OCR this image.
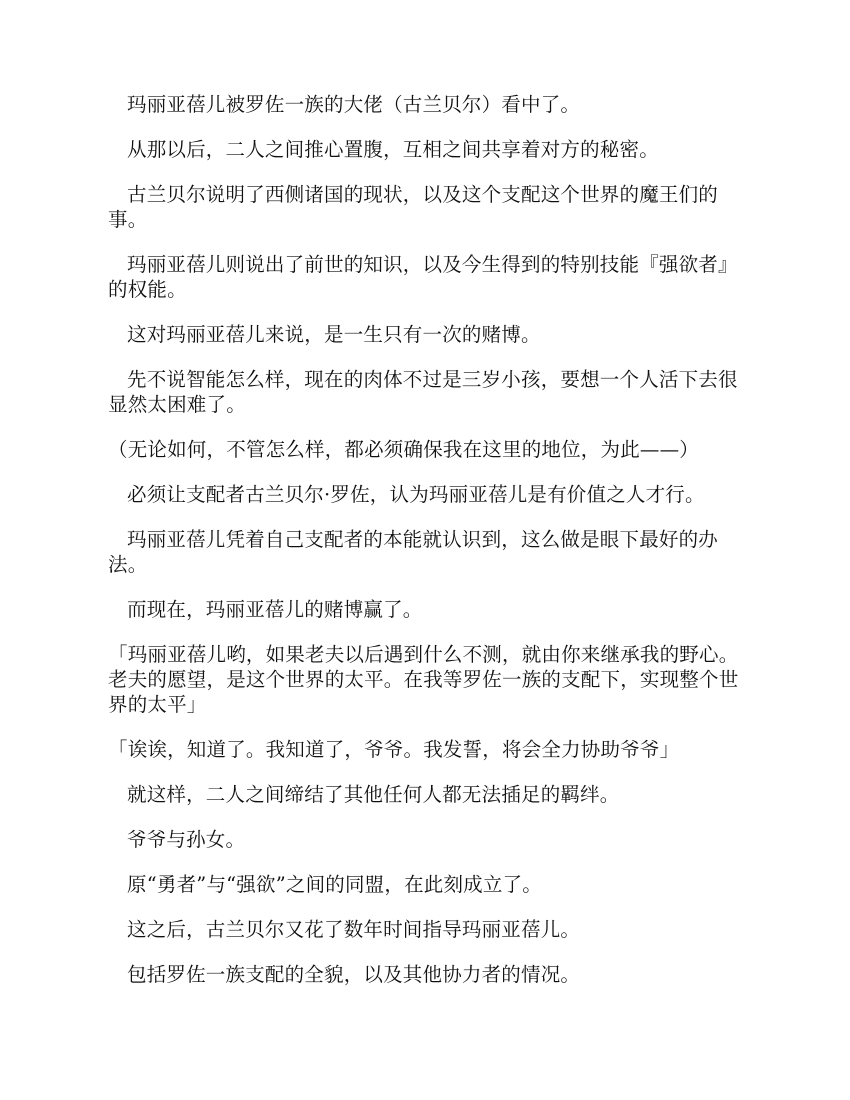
玛丽亚蓓儿被罗佐一族的大佬（古兰贝尔）看中了。

从那以后，二人之间推心置腹，互相之间共享着对方的秘密。

古兰贝尔说明了西侧诸国的现状，以及这个支配这个世界的魔王们的事。

玛丽亚蓓儿则说出了前世的知识，以及今生得到的特别技能『强欲者』的权能。

这对玛丽亚蓓儿来说，是一生只有一次的赌博。

先不说智能怎么样，现在的肉体不过是三岁小孩，要想一个人活下去很显然太困难了。

（无论如何，不管怎么样，都必须确保我在这里的地位，为此——）

必须让支配者古兰贝尔·罗佐，认为玛丽亚蓓儿是有价值之人才行。

玛丽亚蓓儿凭着自己支配者的本能就认识到，这么做是眼下最好的办法。

而现在，玛丽亚蓓儿的赌博赢了。

「玛丽亚蓓儿哟，如果老夫以后遇到什么不测，就由你来继承我的野心。老夫的愿望，是这个世界的太平。在我等罗佐一族的支配下，实现整个世界的太平」

「诶诶，知道了。我知道了，爷爷。我发誓，将会全力协助爷爷」

就这样，二人之间缔结了其他任何人都无法插足的羁绊。

爷爷与孙女。

原“勇者”与“强欲”之间的同盟，在此刻成立了。

这之后，古兰贝尔又花了数年时间指导玛丽亚蓓儿。

包括罗佐一族支配的全貌，以及其他协力者的情况。
